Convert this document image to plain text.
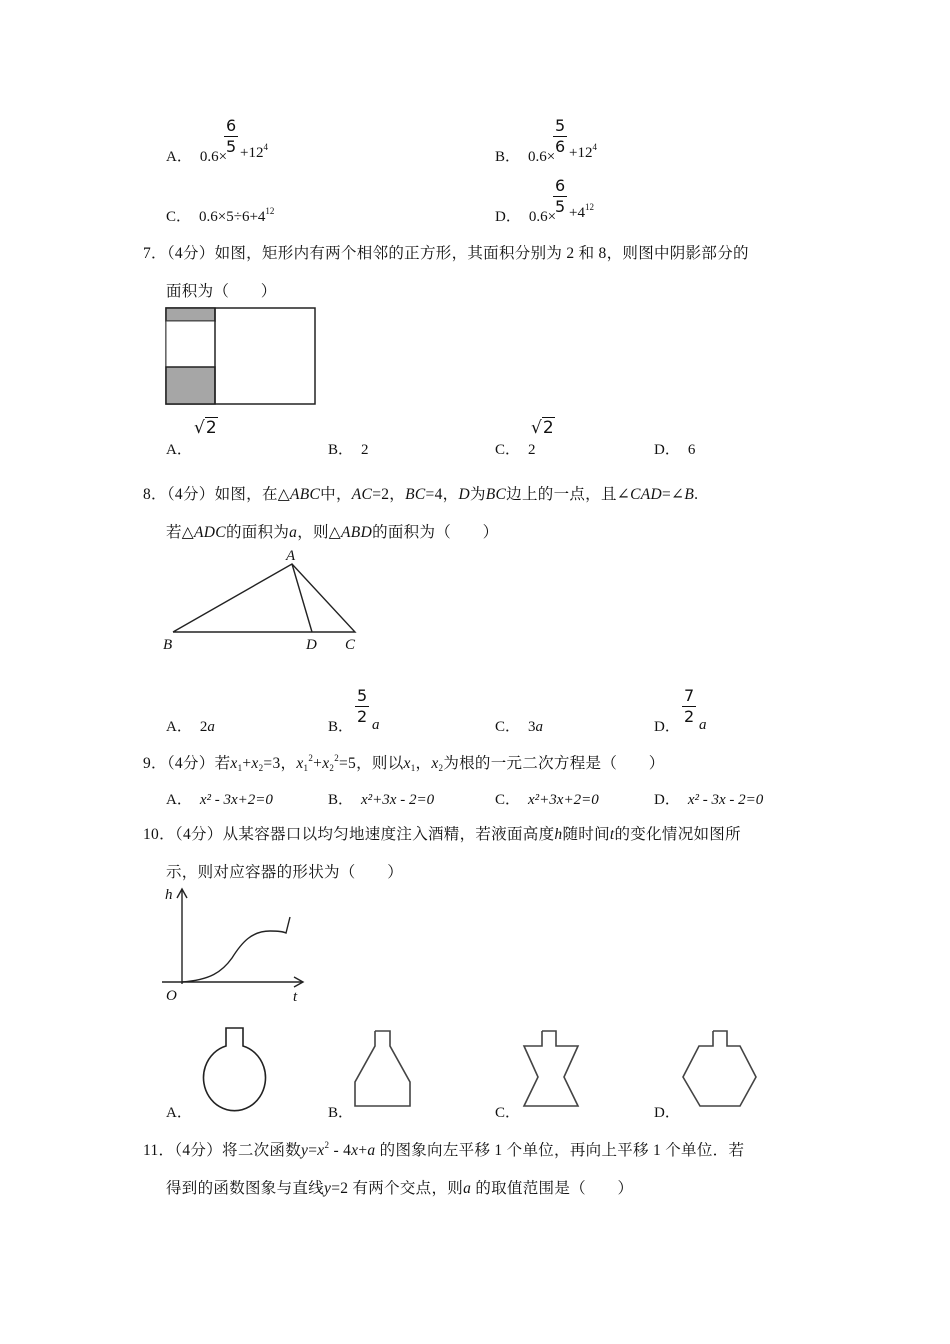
A． 0.6×
$\frac{6}{5} +12^4$
B． 0.6×
$\frac{5}{6} +12^4$
C． $0.6\times 5\div 6+4^{12}$	D． 0.6×
$\frac{6}{5} +4^{12}$
7．（4分）如图，矩形内有两个相邻的正方形，其面积分别为 2 和 8，则图中阴影部分的
面积为（　　）
A．
√2
B． 2	C． 2
√2
D． 6
8．（4分）如图，在△ABC中，AC=2，BC=4，D为BC边上的一点，且∠CAD=∠B.
若△ADC的面积为a，则△ABD的面积为（　　）
A
B	D C
A． 2a	B．
$\frac{5}{2}$ a	C． 3a	D．
$\frac{7}{2}$ a
9．（4分）若$x_1+x_2=3$，$x_1^2+x_2^2=5$，则以$x_1$，$x_2$为根的一元二次方程是（　　）
A． x² - 3x+2=0	B． x²+3x - 2=0	C． x²+3x+2=0	D． x² - 3x - 2=0
10．（4分）从某容器口以均匀地速度注入酒精，若液面高度h随时间t的变化情况如图所
示，则对应容器的形状为（　　）
h
t
O
A．	B．	C．	D．
11．（4分）将二次函数$y=x^2 - 4x+a$ 的图象向左平移 1 个单位，再向上平移 1 个单位．若
得到的函数图象与直线y=2 有两个交点，则a 的取值范围是（　　）
